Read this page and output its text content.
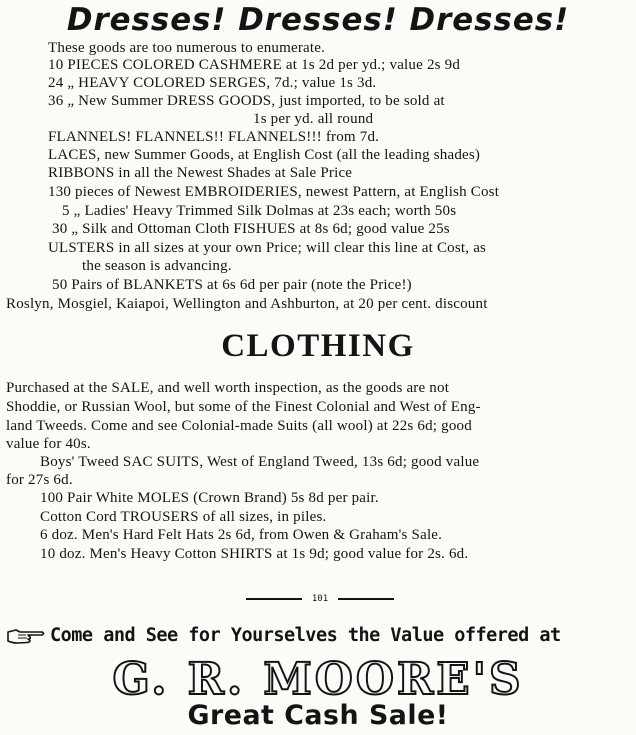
Dresses! Dresses! Dresses!
These goods are too numerous to enumerate.
10 PIECES COLORED CASHMERE at 1s 2d per yd.; value 2s 9d
24 „ HEAVY COLORED SERGES, 7d.; value 1s 3d.
36 „ New Summer DRESS GOODS, just imported, to be sold at
1s per yd. all round
FLANNELS! FLANNELS!! FLANNELS!!! from 7d.
LACES, new Summer Goods, at English Cost (all the leading shades)
RIBBONS in all the Newest Shades at Sale Price
130 pieces of Newest EMBROIDERIES, newest Pattern, at English Cost
5 „ Ladies' Heavy Trimmed Silk Dolmas at 23s each; worth 50s
30 „ Silk and Ottoman Cloth FISHUES at 8s 6d; good value 25s
ULSTERS in all sizes at your own Price; will clear this line at Cost, as
the season is advancing.
50 Pairs of BLANKETS at 6s 6d per pair (note the Price!)
Roslyn, Mosgiel, Kaiapoi, Wellington and Ashburton, at 20 per cent. discount
CLOTHING
Purchased at the SALE, and well worth inspection, as the goods are not
Shoddie, or Russian Wool, but some of the Finest Colonial and West of Eng-
land Tweeds. Come and see Colonial-made Suits (all wool) at 22s 6d; good
value for 40s.
Boys' Tweed SAC SUITS, West of England Tweed, 13s 6d; good value
for 27s 6d.
100 Pair White MOLES (Crown Brand) 5s 8d per pair.
Cotton Cord TROUSERS of all sizes, in piles.
6 doz. Men's Hard Felt Hats 2s 6d, from Owen & Graham's Sale.
10 doz. Men's Heavy Cotton SHIRTS at 1s 9d; good value for 2s. 6d.
101
Come and See for Yourselves the Value offered at
G. R. MOORE'S
Great Cash Sale!
